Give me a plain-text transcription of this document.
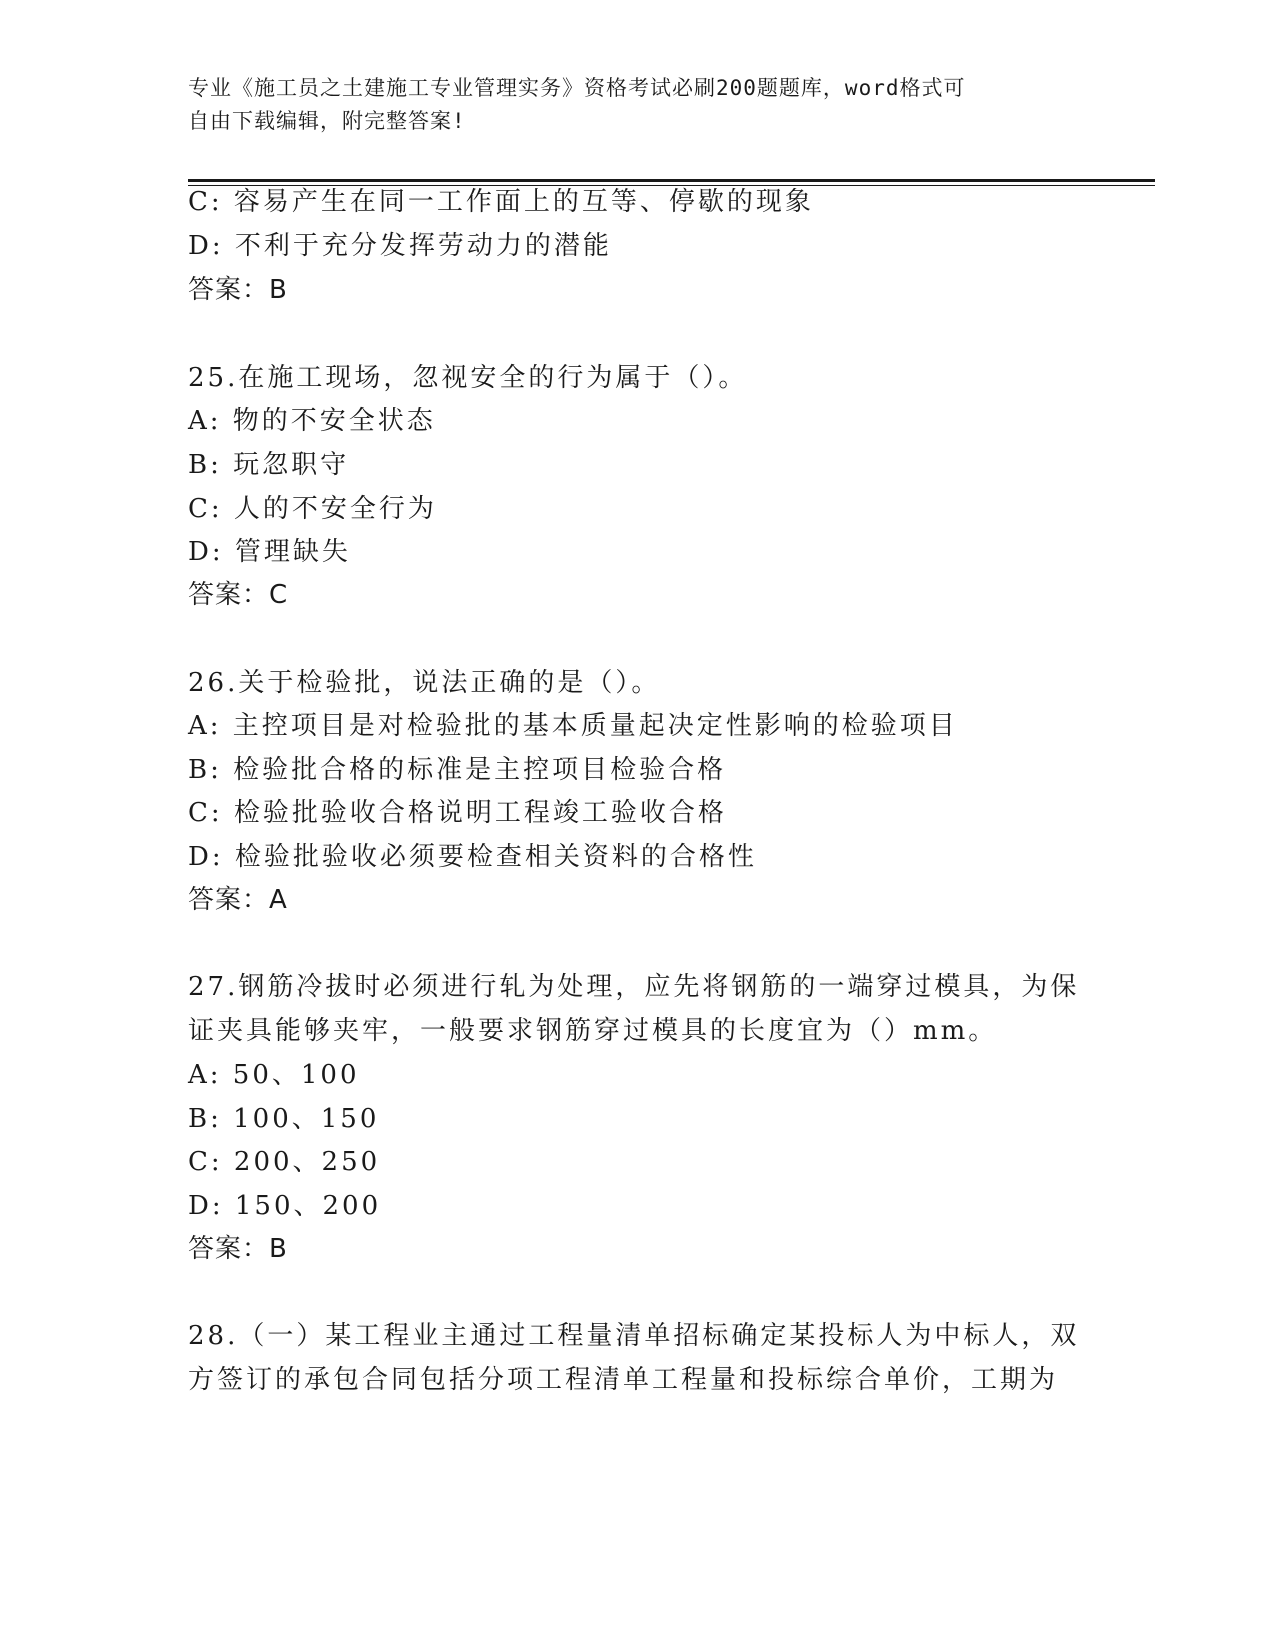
专业《施工员之土建施工专业管理实务》资格考试必刷200题题库，word格式可
自由下载编辑，附完整答案!
C: 容易产生在同一工作面上的互等、停歇的现象
D: 不利于充分发挥劳动力的潜能
答案：B
25.在施工现场，忽视安全的行为属于（）。
A: 物的不安全状态
B: 玩忽职守
C: 人的不安全行为
D: 管理缺失
答案：C
26.关于检验批，说法正确的是（）。
A: 主控项目是对检验批的基本质量起决定性影响的检验项目
B: 检验批合格的标准是主控项目检验合格
C: 检验批验收合格说明工程竣工验收合格
D: 检验批验收必须要检查相关资料的合格性
答案：A
27.钢筋冷拔时必须进行轧为处理，应先将钢筋的一端穿过模具，为保
证夹具能够夹牢，一般要求钢筋穿过模具的长度宜为（）mm。
A: 50、100
B: 100、150
C: 200、250
D: 150、200
答案：B
28.（一）某工程业主通过工程量清单招标确定某投标人为中标人，双
方签订的承包合同包括分项工程清单工程量和投标综合单价，工期为
